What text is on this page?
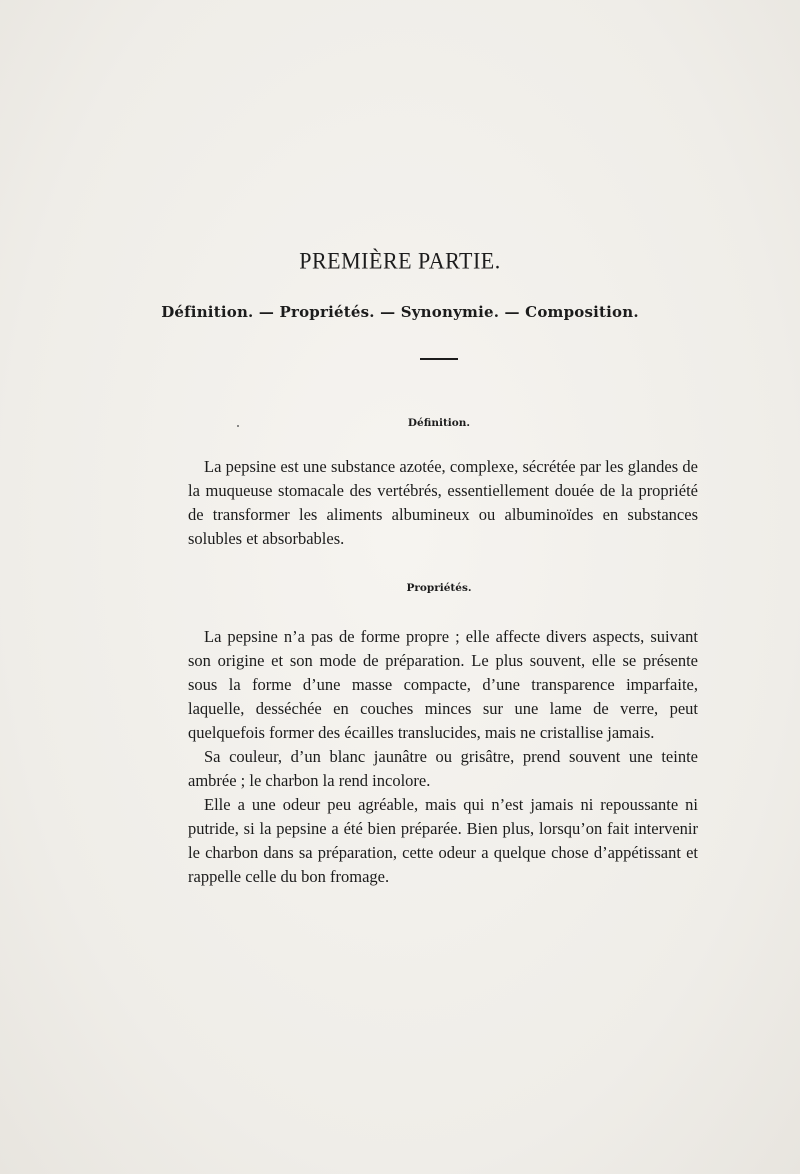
PREMIÈRE PARTIE.
Définition. — Propriétés. — Synonymie. — Composition.
Définition.

La pepsine est une substance azotée, complexe, sécrétée par les glandes de la muqueuse stomacale des vertébrés, essentiellement douée de la propriété de transformer les aliments albumineux ou albuminoïdes en substances solubles et absorbables.

Propriétés.

La pepsine n’a pas de forme propre ; elle affecte divers aspects, suivant son origine et son mode de préparation. Le plus souvent, elle se présente sous la forme d’une masse compacte, d’une transparence imparfaite, laquelle, desséchée en couches minces sur une lame de verre, peut quelquefois former des écailles translucides, mais ne cristallise jamais.

Sa couleur, d’un blanc jaunâtre ou grisâtre, prend souvent une teinte ambrée ; le charbon la rend incolore.

Elle a une odeur peu agréable, mais qui n’est jamais ni repoussante ni putride, si la pepsine a été bien préparée. Bien plus, lorsqu’on fait intervenir le charbon dans sa préparation, cette odeur a quelque chose d’appétissant et rappelle celle du bon fromage.
